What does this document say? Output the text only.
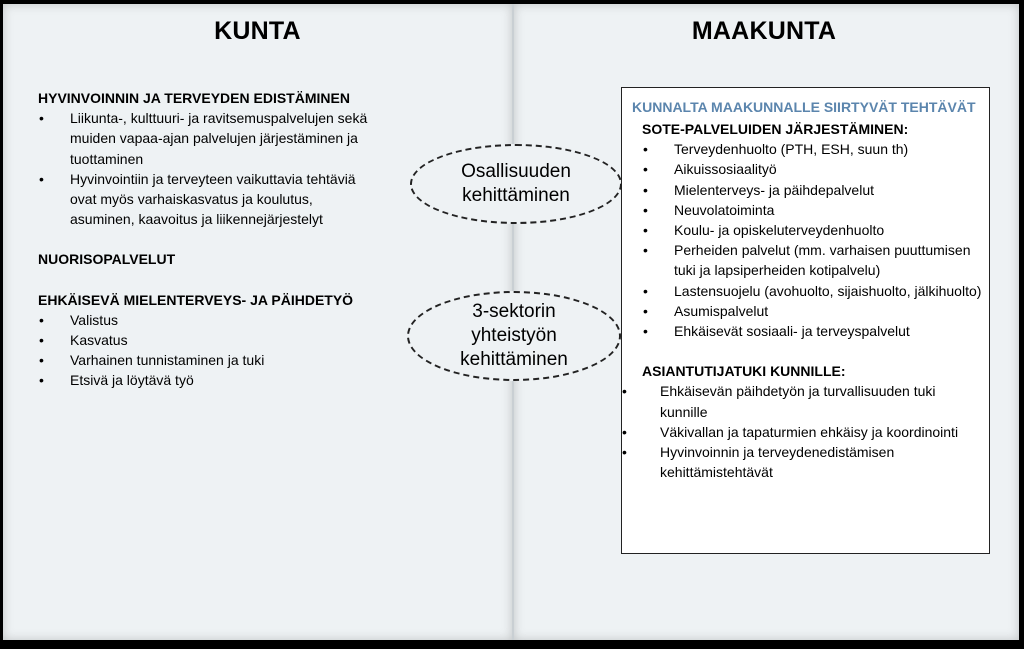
KUNTA	MAAKUNTA
HYVINVOINNIN JA TERVEYDEN EDISTÄMINEN
• Liikunta-, kulttuuri- ja ravitsemuspalvelujen sekä muiden vapaa-ajan palvelujen järjestäminen ja tuottaminen
• Hyvinvointiin ja terveyteen vaikuttavia tehtäviä ovat myös varhaiskasvatus ja koulutus, asuminen, kaavoitus ja liikennejärjestelyt
NUORISOPALVELUT
EHKÄISEVÄ MIELENTERVEYS- JA PÄIHDETYÖ
• Valistus
• Kasvatus
• Varhainen tunnistaminen ja tuki
• Etsivä ja löytävä työ
Osallisuuden
kehittäminen
3-sektorin
yhteistyön
kehittäminen
KUNNALTA MAAKUNNALLE SIIRTYVÄT TEHTÄVÄT
SOTE-PALVELUIDEN JÄRJESTÄMINEN:
• Terveydenhuolto (PTH, ESH, suun th)
• Aikuissosiaalityö
• Mielenterveys- ja päihdepalvelut
• Neuvolatoiminta
• Koulu- ja opiskeluterveydenhuolto
• Perheiden palvelut (mm. varhaisen puuttumisen tuki ja lapsiperheiden kotipalvelu)
• Lastensuojelu (avohuolto, sijaishuolto, jälkihuolto)
• Asumispalvelut
• Ehkäisevät sosiaali- ja terveyspalvelut
ASIANTUTIJATUKI KUNNILLE:
• Ehkäisevän päihdetyön ja turvallisuuden tuki kunnille
• Väkivallan ja tapaturmien ehkäisy ja koordinointi
• Hyvinvoinnin ja terveydenedistämisen kehittämistehtävät
